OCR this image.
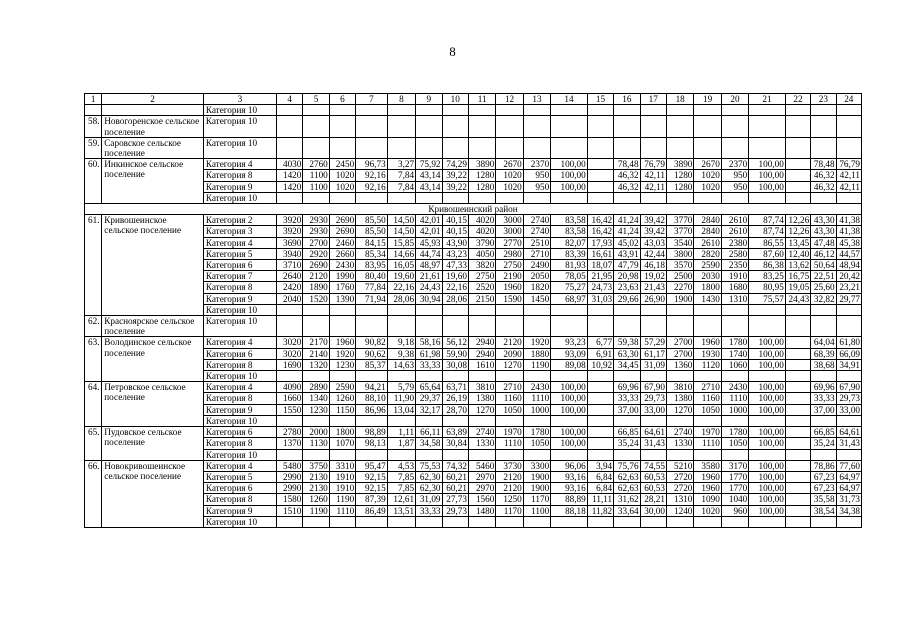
8
1	2	3	4	5	6	7	8	9	10	11	12	13	14	15	16	17	18	19	20	21	22	23	24
		Категория 10																					
58.	Новогоренское сельское поселение	Категория 10																					
59.	Саровское сельское поселение	Категория 10																					
60.	Инкинское сельское поселение	Категория 4	4030	2760	2450	96,73	3,27	75,92	74,29	3890	2670	2370	100,00		78,48	76,79	3890	2670	2370	100,00		78,48	76,79
		Категория 8	1420	1100	1020	92,16	7,84	43,14	39,22	1280	1020	950	100,00		46,32	42,11	1280	1020	950	100,00		46,32	42,11
		Категория 9	1420	1100	1020	92,16	7,84	43,14	39,22	1280	1020	950	100,00		46,32	42,11	1280	1020	950	100,00		46,32	42,11
		Категория 10																					
Кривошеинский район																							
61.	Кривошеинское сельское поселение	Категория 2	3920	2930	2690	85,50	14,50	42,01	40,15	4020	3000	2740	83,58	16,42	41,24	39,42	3770	2840	2610	87,74	12,26	43,30	41,38
		Категория 3	3920	2930	2690	85,50	14,50	42,01	40,15	4020	3000	2740	83,58	16,42	41,24	39,42	3770	2840	2610	87,74	12,26	43,30	41,38
		Категория 4	3690	2700	2460	84,15	15,85	45,93	43,90	3790	2770	2510	82,07	17,93	45,02	43,03	3540	2610	2380	86,55	13,45	47,48	45,38
		Категория 5	3940	2920	2660	85,34	14,66	44,74	43,23	4050	2980	2710	83,39	16,61	43,91	42,44	3800	2820	2580	87,60	12,40	46,12	44,57
		Категория 6	3710	2690	2430	83,95	16,05	48,97	47,33	3820	2750	2490	81,93	18,07	47,79	46,18	3570	2590	2350	86,38	13,62	50,64	48,94
		Категория 7	2640	2120	1990	80,40	19,60	21,61	19,60	2750	2190	2050	78,05	21,95	20,98	19,02	2500	2030	1910	83,25	16,75	22,51	20,42
		Категория 8	2420	1890	1760	77,84	22,16	24,43	22,16	2520	1960	1820	75,27	24,73	23,63	21,43	2270	1800	1680	80,95	19,05	25,60	23,21
		Категория 9	2040	1520	1390	71,94	28,06	30,94	28,06	2150	1590	1450	68,97	31,03	29,66	26,90	1900	1430	1310	75,57	24,43	32,82	29,77
		Категория 10																					
62.	Красноярское сельское поселение	Категория 10																					
63.	Володинское сельское поселение	Категория 4	3020	2170	1960	90,82	9,18	58,16	56,12	2940	2120	1920	93,23	6,77	59,38	57,29	2700	1960	1780	100,00		64,04	61,80
		Категория 6	3020	2140	1920	90,62	9,38	61,98	59,90	2940	2090	1880	93,09	6,91	63,30	61,17	2700	1930	1740	100,00		68,39	66,09
		Категория 8	1690	1320	1230	85,37	14,63	33,33	30,08	1610	1270	1190	89,08	10,92	34,45	31,09	1360	1120	1060	100,00		38,68	34,91
		Категория 10																					
64.	Петровское сельское поселение	Категория 4	4090	2890	2590	94,21	5,79	65,64	63,71	3810	2710	2430	100,00		69,96	67,90	3810	2710	2430	100,00		69,96	67,90
		Категория 8	1660	1340	1260	88,10	11,90	29,37	26,19	1380	1160	1110	100,00		33,33	29,73	1380	1160	1110	100,00		33,33	29,73
		Категория 9	1550	1230	1150	86,96	13,04	32,17	28,70	1270	1050	1000	100,00		37,00	33,00	1270	1050	1000	100,00		37,00	33,00
		Категория 10																					
65.	Пудовское сельское поселение	Категория 6	2780	2000	1800	98,89	1,11	66,11	63,89	2740	1970	1780	100,00		66,85	64,61	2740	1970	1780	100,00		66,85	64,61
		Категория 8	1370	1130	1070	98,13	1,87	34,58	30,84	1330	1110	1050	100,00		35,24	31,43	1330	1110	1050	100,00		35,24	31,43
		Категория 10																					
66.	Новокривошеинское сельское поселение	Категория 4	5480	3750	3310	95,47	4,53	75,53	74,32	5460	3730	3300	96,06	3,94	75,76	74,55	5210	3580	3170	100,00		78,86	77,60
		Категория 5	2990	2130	1910	92,15	7,85	62,30	60,21	2970	2120	1900	93,16	6,84	62,63	60,53	2720	1960	1770	100,00		67,23	64,97
		Категория 6	2990	2130	1910	92,15	7,85	62,30	60,21	2970	2120	1900	93,16	6,84	62,63	60,53	2720	1960	1770	100,00		67,23	64,97
		Категория 8	1580	1260	1190	87,39	12,61	31,09	27,73	1560	1250	1170	88,89	11,11	31,62	28,21	1310	1090	1040	100,00		35,58	31,73
		Категория 9	1510	1190	1110	86,49	13,51	33,33	29,73	1480	1170	1100	88,18	11,82	33,64	30,00	1240	1020	960	100,00		38,54	34,38
		Категория 10																					
